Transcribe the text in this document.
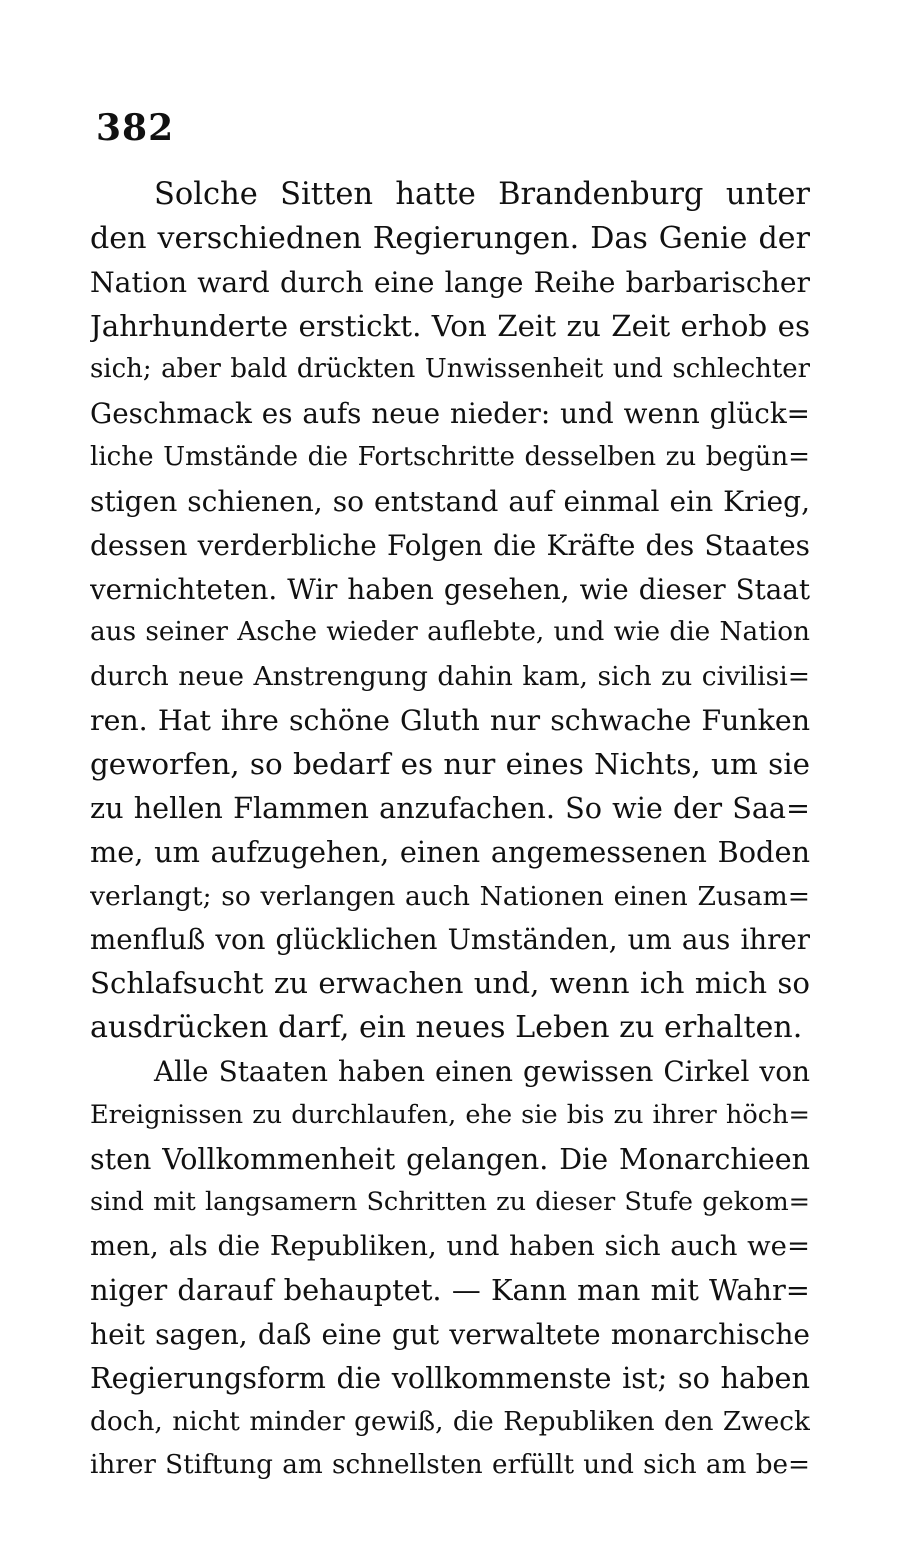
382
Solche Sitten hatte Brandenburg unter
den verschiednen Regierungen. Das Genie der
Nation ward durch eine lange Reihe barbarischer
Jahrhunderte erstickt. Von Zeit zu Zeit erhob es
sich; aber bald drückten Unwissenheit und schlechter
Geschmack es aufs neue nieder: und wenn glück=
liche Umstände die Fortschritte desselben zu begün=
stigen schienen, so entstand auf einmal ein Krieg,
dessen verderbliche Folgen die Kräfte des Staates
vernichteten. Wir haben gesehen, wie dieser Staat
aus seiner Asche wieder auflebte, und wie die Nation
durch neue Anstrengung dahin kam, sich zu civilisi=
ren. Hat ihre schöne Gluth nur schwache Funken
geworfen, so bedarf es nur eines Nichts, um sie
zu hellen Flammen anzufachen. So wie der Saa=
me, um aufzugehen, einen angemessenen Boden
verlangt; so verlangen auch Nationen einen Zusam=
menfluß von glücklichen Umständen, um aus ihrer
Schlafsucht zu erwachen und, wenn ich mich so
ausdrücken darf, ein neues Leben zu erhalten.
Alle Staaten haben einen gewissen Cirkel von
Ereignissen zu durchlaufen, ehe sie bis zu ihrer höch=
sten Vollkommenheit gelangen. Die Monarchieen
sind mit langsamern Schritten zu dieser Stufe gekom=
men, als die Republiken, und haben sich auch we=
niger darauf behauptet. — Kann man mit Wahr=
heit sagen, daß eine gut verwaltete monarchische
Regierungsform die vollkommenste ist; so haben
doch, nicht minder gewiß, die Republiken den Zweck
ihrer Stiftung am schnellsten erfüllt und sich am be=
